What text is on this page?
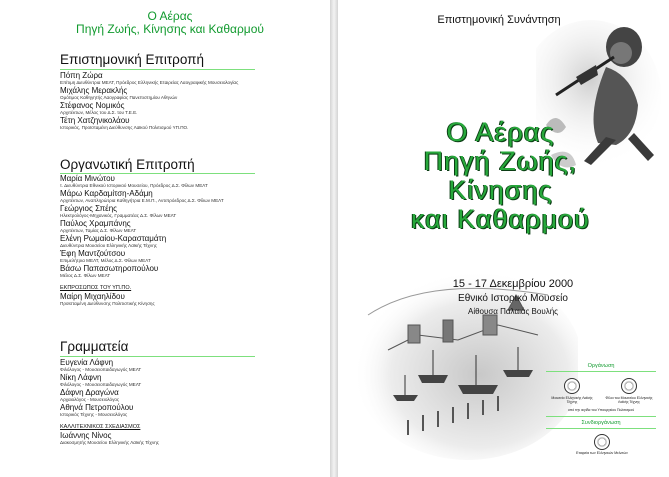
Ο Αέρας
Πηγή Ζωής, Κίνησης και Καθαρμού
Επιστημονική Επιτροπή
Πόπη Ζώρα
Επίτιμη Διευθύντρια ΜΕΛΤ, Πρόεδρος Ελληνικής Εταιρείας Λαογραφικής Μουσειολογίας
Μιχάλης Μερακλής
Ομότιμος Καθηγητής Λαογραφίας Πανεπιστημίου Αθηνών
Στέφανος Νομικός
Αρχιτέκτων, Μέλος του Δ.Σ. του Τ.Ε.Ε.
Τέτη Χατζηνικολάου
Ιστορικός, Προϊσταμένη Διεύθυνσης Λαϊκού Πολιτισμού ΥΠ.ΠΟ.
Οργανωτική Επιτροπή
Μαρία Μινώτου
τ. Διευθύντρια Εθνικού Ιστορικού Μουσείου, Πρόεδρος Δ.Σ. Φίλων ΜΕΛΤ
Μάρω Καρδαμίτση-Αδάμη
Αρχιτέκτων, Αναπληρώτρια Καθηγήτρια Ε.Μ.Π., Αντιπρόεδρος Δ.Σ. Φίλων ΜΕΛΤ
Γεώργιος Σπέης
Ηλεκτρολόγος-Μηχανικός, Γραμματέας Δ.Σ. Φίλων ΜΕΛΤ
Παύλος Χραμπάνης
Αρχιτέκτων, Ταμίας Δ.Σ. Φίλων ΜΕΛΤ
Ελένη Ρωμαίου-Καρασταμάτη
Διευθύντρια Μουσείου Ελληνικής Λαϊκής Τέχνης
Έφη Μαντζούτσου
Επιμελήτρια ΜΕΛΤ, Μέλος Δ.Σ. Φίλων ΜΕΛΤ
Βάσω Παπασωτηροπούλου
Μέλος Δ.Σ. Φίλων ΜΕΛΤ
ΕΚΠΡΟΣΩΠΟΣ ΤΟΥ ΥΠ.ΠΟ.
Μαίρη Μιχαηλίδου
Προϊσταμένη Διεύθυνσης Πολιτιστικής Κίνησης
Γραμματεία
Ευγενία Λάφνη
Φιλόλογος - Μουσειοπαιδαγωγός ΜΕΛΤ
Νίκη Λάφνη
Φιλόλογος - Μουσειοπαιδαγωγός ΜΕΛΤ
Δάφνη Δραγώνα
Αρχαιολόγος - Μουσειολόγος
Αθηνά Πετροπούλου
Ιστορικός Τέχνης - Μουσειολόγος
ΚΑΛΛΙΤΕΧΝΙΚΟΣ ΣΧΕΔΙΑΣΜΟΣ
Ιωάννης Νίνος
Διακοσμητής Μουσείου Ελληνικής Λαϊκής Τέχνης
Επιστημονική Συνάντηση
Ο Αέρας
Πηγή Ζωής,
Κίνησης
και Καθαρμού
15 - 17 Δεκεμβρίου 2000
Εθνικό Ιστορικό Μουσείο
Αίθουσα Παλαιάς Βουλής
Οργάνωση
Μουσείο Ελληνικής Λαϊκής Τέχνης
Φίλοι του Μουσείου Ελληνικής Λαϊκής Τέχνης
υπό την αιγίδα του Υπουργείου Πολιτισμού
Συνδιοργάνωση
Εταιρεία των Ελληνικών Μελετών
